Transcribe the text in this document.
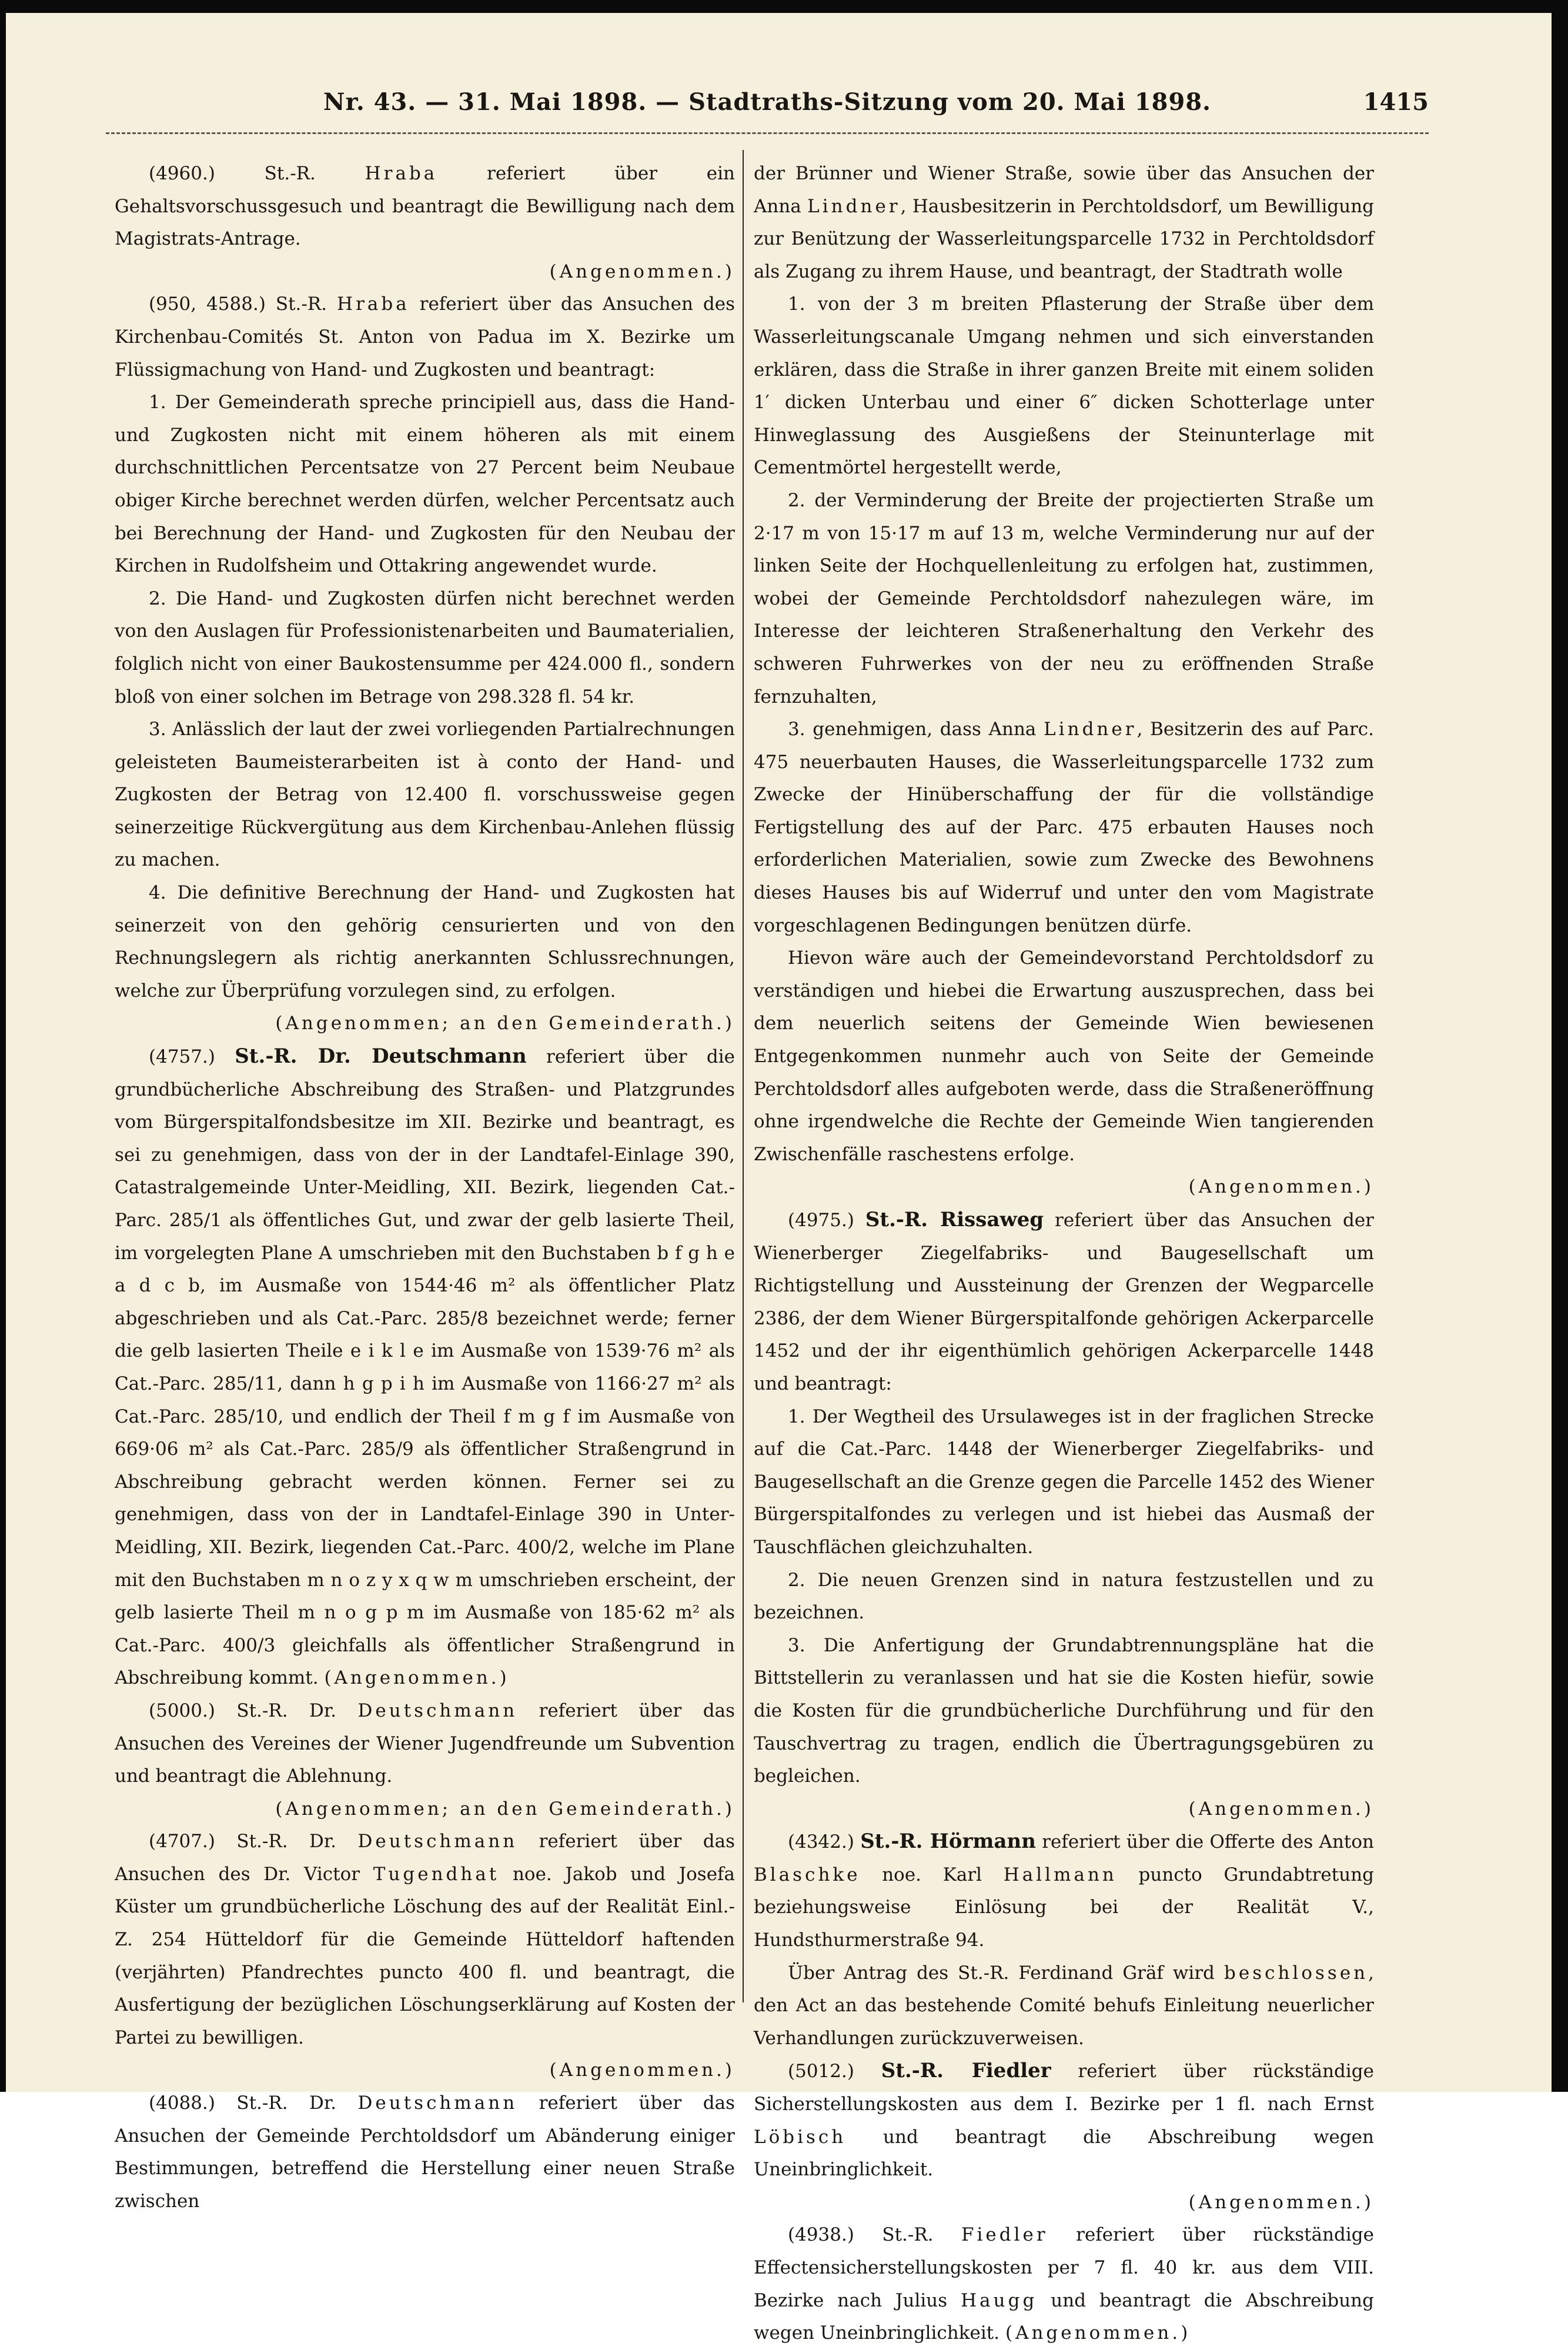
Nr. 43. — 31. Mai 1898. — Stadtraths-Sitzung vom 20. Mai 1898.	1415

(4960.) St.-R. Hraba referiert über ein Gehaltsvorschussgesuch und beantragt die Bewilligung nach dem Magistrats-Antrage.

(Angenommen.)

(950, 4588.) St.-R. Hraba referiert über das Ansuchen des Kirchenbau-Comités St. Anton von Padua im X. Bezirke um Flüssigmachung von Hand- und Zugkosten und beantragt:

1. Der Gemeinderath spreche principiell aus, dass die Hand- und Zugkosten nicht mit einem höheren als mit einem durchschnittlichen Percentsatze von 27 Percent beim Neubaue obiger Kirche berechnet werden dürfen, welcher Percentsatz auch bei Berechnung der Hand- und Zugkosten für den Neubau der Kirchen in Rudolfsheim und Ottakring angewendet wurde.

2. Die Hand- und Zugkosten dürfen nicht berechnet werden von den Auslagen für Professionistenarbeiten und Baumaterialien, folglich nicht von einer Baukostensumme per 424.000 fl., sondern bloß von einer solchen im Betrage von 298.328 fl. 54 kr.

3. Anlässlich der laut der zwei vorliegenden Partialrechnungen geleisteten Baumeisterarbeiten ist à conto der Hand- und Zugkosten der Betrag von 12.400 fl. vorschussweise gegen seinerzeitige Rückvergütung aus dem Kirchenbau-Anlehen flüssig zu machen.

4. Die definitive Berechnung der Hand- und Zugkosten hat seinerzeit von den gehörig censurierten und von den Rechnungslegern als richtig anerkannten Schlussrechnungen, welche zur Überprüfung vorzulegen sind, zu erfolgen.

(Angenommen; an den Gemeinderath.)

(4757.) St.-R. Dr. Deutschmann referiert über die grundbücherliche Abschreibung des Straßen- und Platzgrundes vom Bürgerspitalfondsbesitze im XII. Bezirke und beantragt, es sei zu genehmigen, dass von der in der Landtafel-Einlage 390, Catastralgemeinde Unter-Meidling, XII. Bezirk, liegenden Cat.-Parc. 285/1 als öffentliches Gut, und zwar der gelb lasierte Theil, im vorgelegten Plane A umschrieben mit den Buchstaben b f g h e a d c b, im Ausmaße von 1544·46 m² als öffentlicher Platz abgeschrieben und als Cat.-Parc. 285/8 bezeichnet werde; ferner die gelb lasierten Theile e i k l e im Ausmaße von 1539·76 m² als Cat.-Parc. 285/11, dann h g p i h im Ausmaße von 1166·27 m² als Cat.-Parc. 285/10, und endlich der Theil f m g f im Ausmaße von 669·06 m² als Cat.-Parc. 285/9 als öffentlicher Straßengrund in Abschreibung gebracht werden können. Ferner sei zu genehmigen, dass von der in Landtafel-Einlage 390 in Unter-Meidling, XII. Bezirk, liegenden Cat.-Parc. 400/2, welche im Plane mit den Buchstaben m n o z y x q w m umschrieben erscheint, der gelb lasierte Theil m n o g p m im Ausmaße von 185·62 m² als Cat.-Parc. 400/3 gleichfalls als öffentlicher Straßengrund in Abschreibung kommt. (Angenommen.)

(5000.) St.-R. Dr. Deutschmann referiert über das Ansuchen des Vereines der Wiener Jugendfreunde um Subvention und beantragt die Ablehnung.

(Angenommen; an den Gemeinderath.)

(4707.) St.-R. Dr. Deutschmann referiert über das Ansuchen des Dr. Victor Tugendhat noe. Jakob und Josefa Küster um grundbücherliche Löschung des auf der Realität Einl.-Z. 254 Hütteldorf für die Gemeinde Hütteldorf haftenden (verjährten) Pfandrechtes puncto 400 fl. und beantragt, die Ausfertigung der bezüglichen Löschungserklärung auf Kosten der Partei zu bewilligen.

(Angenommen.)

(4088.) St.-R. Dr. Deutschmann referiert über das Ansuchen der Gemeinde Perchtoldsdorf um Abänderung einiger Bestimmungen, betreffend die Herstellung einer neuen Straße zwischen

der Brünner und Wiener Straße, sowie über das Ansuchen der Anna Lindner, Hausbesitzerin in Perchtoldsdorf, um Bewilligung zur Benützung der Wasserleitungsparcelle 1732 in Perchtoldsdorf als Zugang zu ihrem Hause, und beantragt, der Stadtrath wolle

1. von der 3 m breiten Pflasterung der Straße über dem Wasserleitungscanale Umgang nehmen und sich einverstanden erklären, dass die Straße in ihrer ganzen Breite mit einem soliden 1′ dicken Unterbau und einer 6″ dicken Schotterlage unter Hinweglassung des Ausgießens der Steinunterlage mit Cementmörtel hergestellt werde,

2. der Verminderung der Breite der projectierten Straße um 2·17 m von 15·17 m auf 13 m, welche Verminderung nur auf der linken Seite der Hochquellenleitung zu erfolgen hat, zustimmen, wobei der Gemeinde Perchtoldsdorf nahezulegen wäre, im Interesse der leichteren Straßenerhaltung den Verkehr des schweren Fuhrwerkes von der neu zu eröffnenden Straße fernzuhalten,

3. genehmigen, dass Anna Lindner, Besitzerin des auf Parc. 475 neuerbauten Hauses, die Wasserleitungsparcelle 1732 zum Zwecke der Hinüberschaffung der für die vollständige Fertigstellung des auf der Parc. 475 erbauten Hauses noch erforderlichen Materialien, sowie zum Zwecke des Bewohnens dieses Hauses bis auf Widerruf und unter den vom Magistrate vorgeschlagenen Bedingungen benützen dürfe.

Hievon wäre auch der Gemeindevorstand Perchtoldsdorf zu verständigen und hiebei die Erwartung auszusprechen, dass bei dem neuerlich seitens der Gemeinde Wien bewiesenen Entgegenkommen nunmehr auch von Seite der Gemeinde Perchtoldsdorf alles aufgeboten werde, dass die Straßeneröffnung ohne irgendwelche die Rechte der Gemeinde Wien tangierenden Zwischenfälle raschestens erfolge.

(Angenommen.)

(4975.) St.-R. Rissaweg referiert über das Ansuchen der Wienerberger Ziegelfabriks- und Baugesellschaft um Richtigstellung und Aussteinung der Grenzen der Wegparcelle 2386, der dem Wiener Bürgerspitalfonde gehörigen Ackerparcelle 1452 und der ihr eigenthümlich gehörigen Ackerparcelle 1448 und beantragt:

1. Der Wegtheil des Ursulaweges ist in der fraglichen Strecke auf die Cat.-Parc. 1448 der Wienerberger Ziegelfabriks- und Baugesellschaft an die Grenze gegen die Parcelle 1452 des Wiener Bürgerspitalfondes zu verlegen und ist hiebei das Ausmaß der Tauschflächen gleichzuhalten.

2. Die neuen Grenzen sind in natura festzustellen und zu bezeichnen.

3. Die Anfertigung der Grundabtrennungspläne hat die Bittstellerin zu veranlassen und hat sie die Kosten hiefür, sowie die Kosten für die grundbücherliche Durchführung und für den Tauschvertrag zu tragen, endlich die Übertragungsgebüren zu begleichen.

(Angenommen.)

(4342.) St.-R. Hörmann referiert über die Offerte des Anton Blaschke noe. Karl Hallmann puncto Grundabtretung beziehungsweise Einlösung bei der Realität V., Hundsthurmerstraße 94.

Über Antrag des St.-R. Ferdinand Gräf wird beschlossen, den Act an das bestehende Comité behufs Einleitung neuerlicher Verhandlungen zurückzuverweisen.

(5012.) St.-R. Fiedler referiert über rückständige Sicherstellungskosten aus dem I. Bezirke per 1 fl. nach Ernst Löbisch und beantragt die Abschreibung wegen Uneinbringlichkeit.

(Angenommen.)

(4938.) St.-R. Fiedler referiert über rückständige Effectensicherstellungskosten per 7 fl. 40 kr. aus dem VIII. Bezirke nach Julius Haugg und beantragt die Abschreibung wegen Uneinbringlichkeit. (Angenommen.)
